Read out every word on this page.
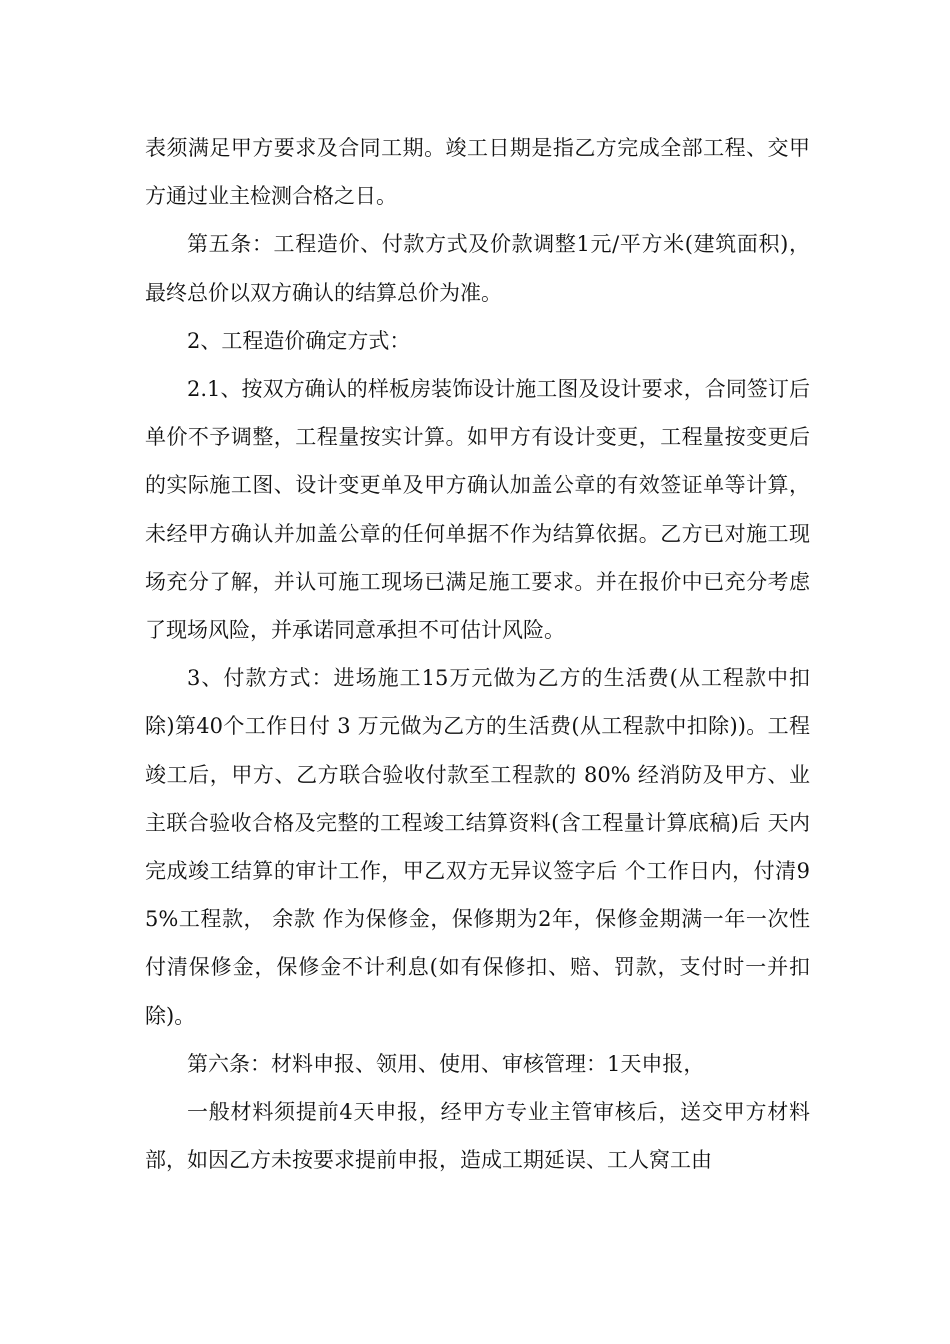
表须满足甲方要求及合同工期。竣工日期是指乙方完成全部工程、交甲方通过业主检测合格之日。

第五条：工程造价、付款方式及价款调整1元/平方米(建筑面积)，最终总价以双方确认的结算总价为准。

2、工程造价确定方式：

2.1、按双方确认的样板房装饰设计施工图及设计要求，合同签订后单价不予调整，工程量按实计算。如甲方有设计变更，工程量按变更后的实际施工图、设计变更单及甲方确认加盖公章的有效签证单等计算，未经甲方确认并加盖公章的任何单据不作为结算依据。乙方已对施工现场充分了解，并认可施工现场已满足施工要求。并在报价中已充分考虑了现场风险，并承诺同意承担不可估计风险。

3、付款方式：进场施工15万元做为乙方的生活费(从工程款中扣除)第40个工作日付 3 万元做为乙方的生活费(从工程款中扣除))。工程竣工后，甲方、乙方联合验收付款至工程款的 80% 经消防及甲方、业主联合验收合格及完整的工程竣工结算资料(含工程量计算底稿)后 天内完成竣工结算的审计工作，甲乙双方无异议签字后 个工作日内，付清95%工程款， 余款 作为保修金，保修期为2年，保修金期满一年一次性付清保修金，保修金不计利息(如有保修扣、赔、罚款，支付时一并扣除)。

第六条：材料申报、领用、使用、审核管理：1天申报，

一般材料须提前4天申报，经甲方专业主管审核后，送交甲方材料部，如因乙方未按要求提前申报，造成工期延误、工人窝工由
